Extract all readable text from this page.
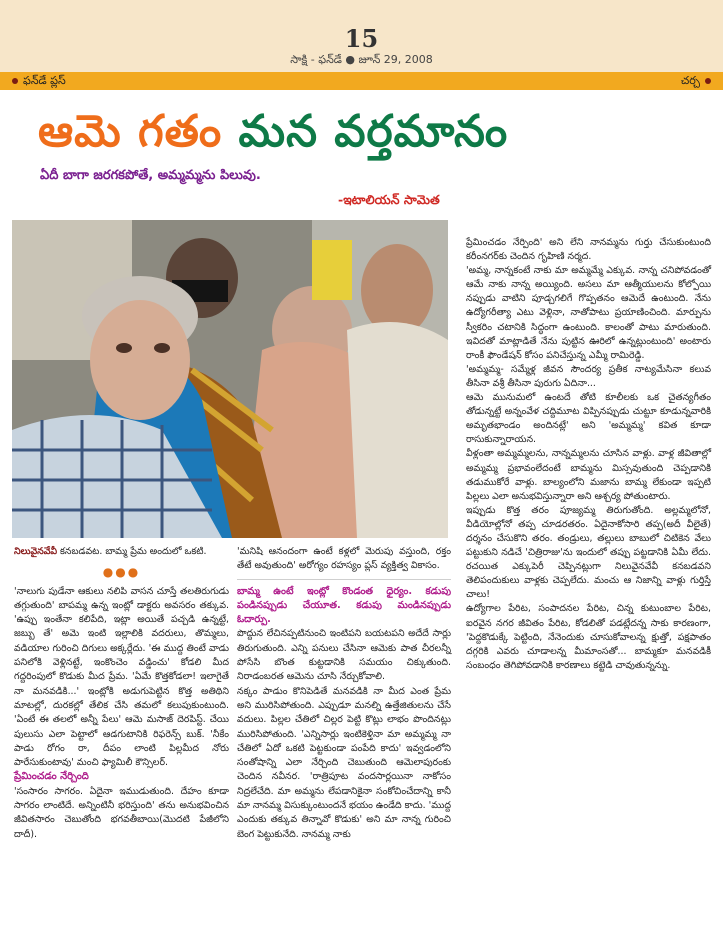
15
సాక్షి - ఫన్‌డే ● జూన్ 29, 2008
ఫన్‌డే ప్లస్	చర్చ
ఆమె గతం మన వర్తమానం
ఏదీ బాగా జరగకపోతే, అమ్మమ్మను పిలువు.
-ఇటాలియన్ సామెత

నిలువైనవేవీ కనబడవట. బామ్మ ప్రేమ అందులో ఒకటి.

●●●

'నాలుగు పుడేనా ఆకులు నలిపి వాసన చూస్తే తలతిరుగుడు తగ్గుతుంది' బాపమ్మ ఉన్న ఇంట్లో డాక్టరు అవసరం తక్కువ. 'ఉప్పు ఇంతేనా కలిపేది, ఇట్లా అయితే పచ్చడి ఉన్నట్టే, జబ్బు తే' అమె ఇంటి ఇల్లాలికి వదరులు, తొమ్మలు, వడియాల గురించి దిగులు అక్కర్లేదు. 'ఈ ముద్ద తింటే వాడు పనిలోకి వెళ్లినట్టే, ఇంకొంచెం వడ్డించు' కోడలి మీద గద్దరింపులో కొడుకు మీద ప్రేమ. 'ఏమే కొత్తకోడలా! ఇలాగైతే నా మనవడికి...' ఇంట్లోకి అడుగుపెట్టిన కొత్త అతిథిని మాటల్లో, దురకల్లో తేలిక చేసి తమలో కలుపుకుంటుంది. 'ఏంటే ఈ తలలో అన్నీ పేలు' ఆమె మసాజ్ దెరపిస్ట్. చేయి పులుసు ఎలా పెట్టాలో ఆడగుటానికి రిఫరెన్స్ బుక్. 'నీకేం పాడు రోగం రా, దీపం లాంటి పిల్లమీద నోరు పారేసుకుంటావు' మంచి ఫ్యామిలీ కౌన్సిలర్.

ప్రేమించడం నేర్చింది

'సంసారం సాగరం. ఏదైనా ఇముడుతుంది. దేహం కూడా సాగరం లాంటిదే. అన్నింటినీ భరిస్తుంది' తను అనుభవించిన జీవితసారం చెబుతోంది భగవతీబాయి(మొదటి పేజీలోని దాదీ).

'మనిషి ఆనందంగా ఉంటే కళ్లలో మెరుపు వస్తుంది, రక్తం తేటే అవుతుంది' అరోగ్యం రహస్యం ప్లస్ వ్యక్తిత్వ వికాసం.

బామ్మ ఉంటే ఇంట్లో కొండంత ధైర్యం. కడుపు పండినప్పుడు చేయూత. కడుపు మండినప్పుడు ఓదార్పు.

పొద్దున లేచినప్పటినుంచి ఇంటిపని బయటపని అదేదే సార్లు తిరుగుతుంది. ఎన్ని పనులు చేసినా ఆమెకు పాత చీరలన్నీ పోసేసి బొంత కుట్టడానికి సమయం చిక్కుతుంది. నిరాడంబరత ఆమెను చూసి నేర్చుకోవాలి.

నక్కం పాడుం కొనిపెడితే మనవడికి నా మీద ఎంత ప్రేమ అని మురిసిపోతుంది. ఎప్పుడూ మనల్ని ఉత్తేజితులను చేసే వదులు. పిల్లల చేతిలో చిల్లర పెట్టి కొట్లు లాభం పొందినట్లు మురిసిపోతుంది. 'ఎన్నిసార్లు ఇంటికెళ్తినా మా అమ్మమ్మ నా చేతిలో ఏదో ఒకటి పెట్టకుండా పంపేది కాదు' ఇవ్వడంలోని సంతోషాన్ని ఎలా నేర్చింది చెబుతుంది ఆమెలాపురంకు చెందిన నవీనర. 'రాత్రిపూట వందసార్లయినా నాకోసం నిద్రలేచేది. మా అమ్మను లేపడానికైనా సంకోచించేదాన్ని కానీ మా నానమ్మ విసుక్కుంటుందనే భయం ఉండేది కాదు. 'ముద్ద ఎందుకు తక్కువ తిన్నావో కొడుకు' అని మా నాన్న గురించి బెంగ పెట్టుకునేది. నానమ్మ నాకు

ప్రేమించడం నేర్పింది' అని లేని నానమ్మను గుర్తు చేసుకుంటుంది కరీంనగర్‌కు చెందిన గృహిణి నర్మద.

'అమ్మ, నాన్నకంటే నాకు మా అమ్మమ్మే ఎక్కువ. నాన్న చనిపోవడంతో ఆమే నాకు నాన్న అయ్యింది. అసలు మా ఆత్మీయులను కోల్పోయి నప్పుడు వాటిని పూడ్చగలిగే గొప్పతనం ఆమెదే ఉంటుంది. నేను ఉద్యోగరీత్యా ఎటు వెళ్లినా, నాతోపాటు ప్రయాణించింది. మార్పును స్వీకరిం చటానికి సిద్ధంగా ఉంటుంది. కాలంతో పాటు మారుతుంది. ఇవిదతో మాట్లాడితే నేను పుట్టిన ఊరిలో ఉన్నట్లుంటుంది' అంటారు రాంకీ ఫౌండేషన్ కోసం పనిచేస్తున్న ఎమ్మీ రామిరెడ్డి.

'అమ్మమ్మ- సమ్మేళ్ల జీవన సౌందర్య ప్రతీక నాట్యమేసినా కలువ తీసినా వశ్రీ తీసినా పురుగు ఏదినా...

ఆమె మునుమలో ఉంటదే తోటి కూలీలకు ఒక చైతన్యగీతం తోడున్నట్టే అన్నంవేళ చద్దిమూట విప్పినప్పుడు చుట్టూ కూడున్నవారికి అమృతభాండం అందినట్లే' అని 'అమ్మమ్మ' కవిత కూడా రాసుకున్నారాయన.

వీళ్లంతా అమ్మమ్మలను, నాన్నమ్మలను చూసిన వాళ్లు. వాళ్ల జీవితాల్లో అమ్మమ్మ ప్రభావంలేదంటే బామ్మను మిస్సవుతుంది చెప్పడానికి తడుముకోరే వాళ్లు. బాల్యంలోని మజాను బామ్మ లేకుండా ఇప్పటి పిల్లలు ఎలా అనుభవిస్తున్నారా అని ఆశ్చర్య పోతుంటారు.

ఇప్పుడు కొత్త తరం పూజ్యమ్మ తిరుగుతోంది. అల్లమ్మలోనో, వీడియోల్లోనో తప్ప చూడరతరం. ఏదైనాకోసారి తప్ప(అదీ వీలైతే) దర్శనం చేసుకొని తరం. తండ్రులు, తల్లులు బాబులో చిటికెన వేలు పట్టుకుని నడిచే 'చిత్రిరాజు'ను ఇందులో తప్పు పట్టడానికి ఏమీ లేదు. రచయిత ఎక్కుపెరీ చెప్పినట్లుగా నిలువైనవేవీ కనబడవని తెలిపందుకులు వాళ్లకు చెప్పలేదు. మంచు ఆ నిజాన్ని వాళ్లు గుర్తిస్తే చాలు!

ఉద్యోగాల పేరిట, సంపాదనల పేరిట, చిన్న కుటుంబాల పేరిట, ఐరవైన నగర జీవితం పేరిట, కోడలితో పడట్లేదన్న సాకు కారణంగా, 'పెద్దకొడుక్కే పెట్టింది, నేనెందుకు చూసుకోవాలన్న క్షుత్తో, పక్షపాతం దగ్గరికి ఎవరు చూడాలన్న మీమాంసతో... బామ్మకూ మనవడికీ సంబంధం తెగిపోవడానికి కారణాలు కట్టెడి చావుతున్నన్ను.
